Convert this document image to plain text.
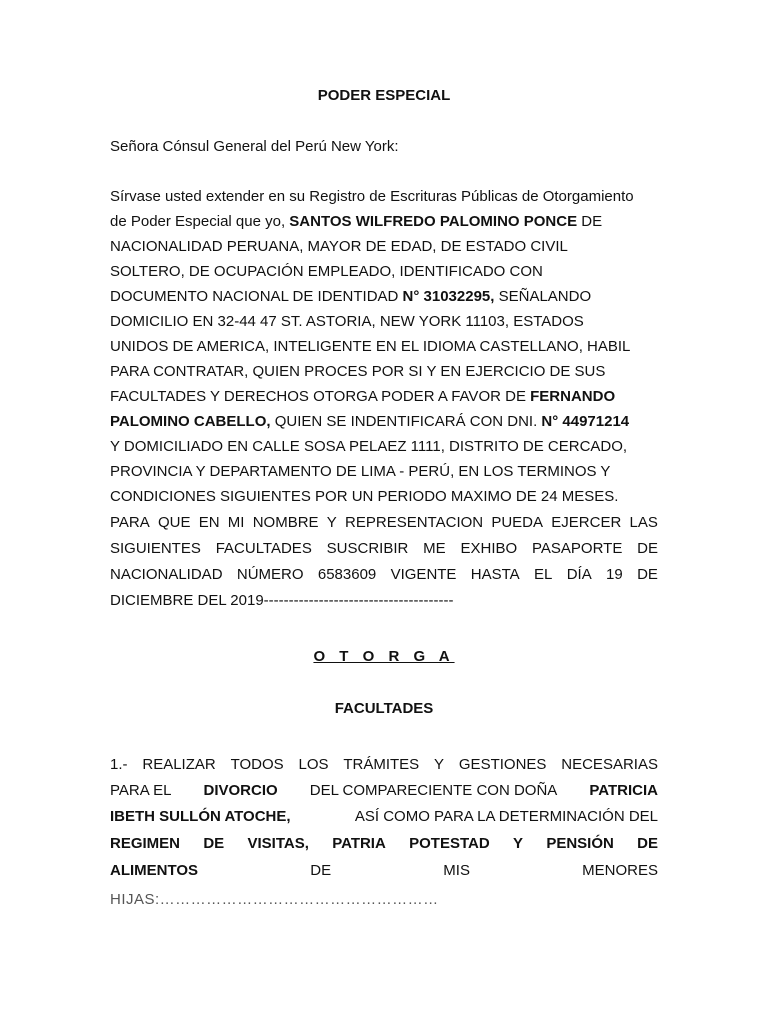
PODER ESPECIAL
Señora Cónsul General del Perú New York:
Sírvase usted extender en su Registro de Escrituras Públicas de Otorgamiento
de Poder Especial que yo, SANTOS WILFREDO PALOMINO PONCE DE
NACIONALIDAD PERUANA, MAYOR DE EDAD, DE ESTADO CIVIL
SOLTERO, DE OCUPACIÓN EMPLEADO, IDENTIFICADO CON
DOCUMENTO NACIONAL DE IDENTIDAD N° 31032295, SEÑALANDO
DOMICILIO EN 32-44 47 ST. ASTORIA, NEW YORK 11103, ESTADOS
UNIDOS DE AMERICA, INTELIGENTE EN EL IDIOMA CASTELLANO, HABIL
PARA CONTRATAR, QUIEN PROCES POR SI Y EN EJERCICIO DE SUS
FACULTADES Y DERECHOS OTORGA PODER A FAVOR DE FERNANDO
PALOMINO CABELLO, QUIEN SE INDENTIFICARÁ CON DNI. N° 44971214
Y DOMICILIADO EN CALLE SOSA PELAEZ 1111, DISTRITO DE CERCADO,
PROVINCIA Y DEPARTAMENTO DE LIMA - PERÚ, EN LOS TERMINOS Y
CONDICIONES SIGUIENTES POR UN PERIODO MAXIMO DE 24 MESES.
PARA QUE EN MI NOMBRE Y REPRESENTACION PUEDA EJERCER LAS
SIGUIENTES FACULTADES SUSCRIBIR ME EXHIBO PASAPORTE DE
NACIONALIDAD NÚMERO 6583609 VIGENTE HASTA EL DÍA 19 DE
DICIEMBRE DEL 2019--------------------------------------
O T O R G A
FACULTADES
1.- REALIZAR TODOS LOS TRÁMITES Y GESTIONES NECESARIAS
PARA EL DIVORCIO DEL COMPARECIENTE CON DOÑA PATRICIA
IBETH SULLÓN ATOCHE,	ASÍ COMO PARA LA DETERMINACIÓN DEL
REGIMEN DE VISITAS, PATRIA POTESTAD Y PENSIÓN DE
ALIMENTOS	DE	MIS	MENORES
HIJAS:………………………………………………
